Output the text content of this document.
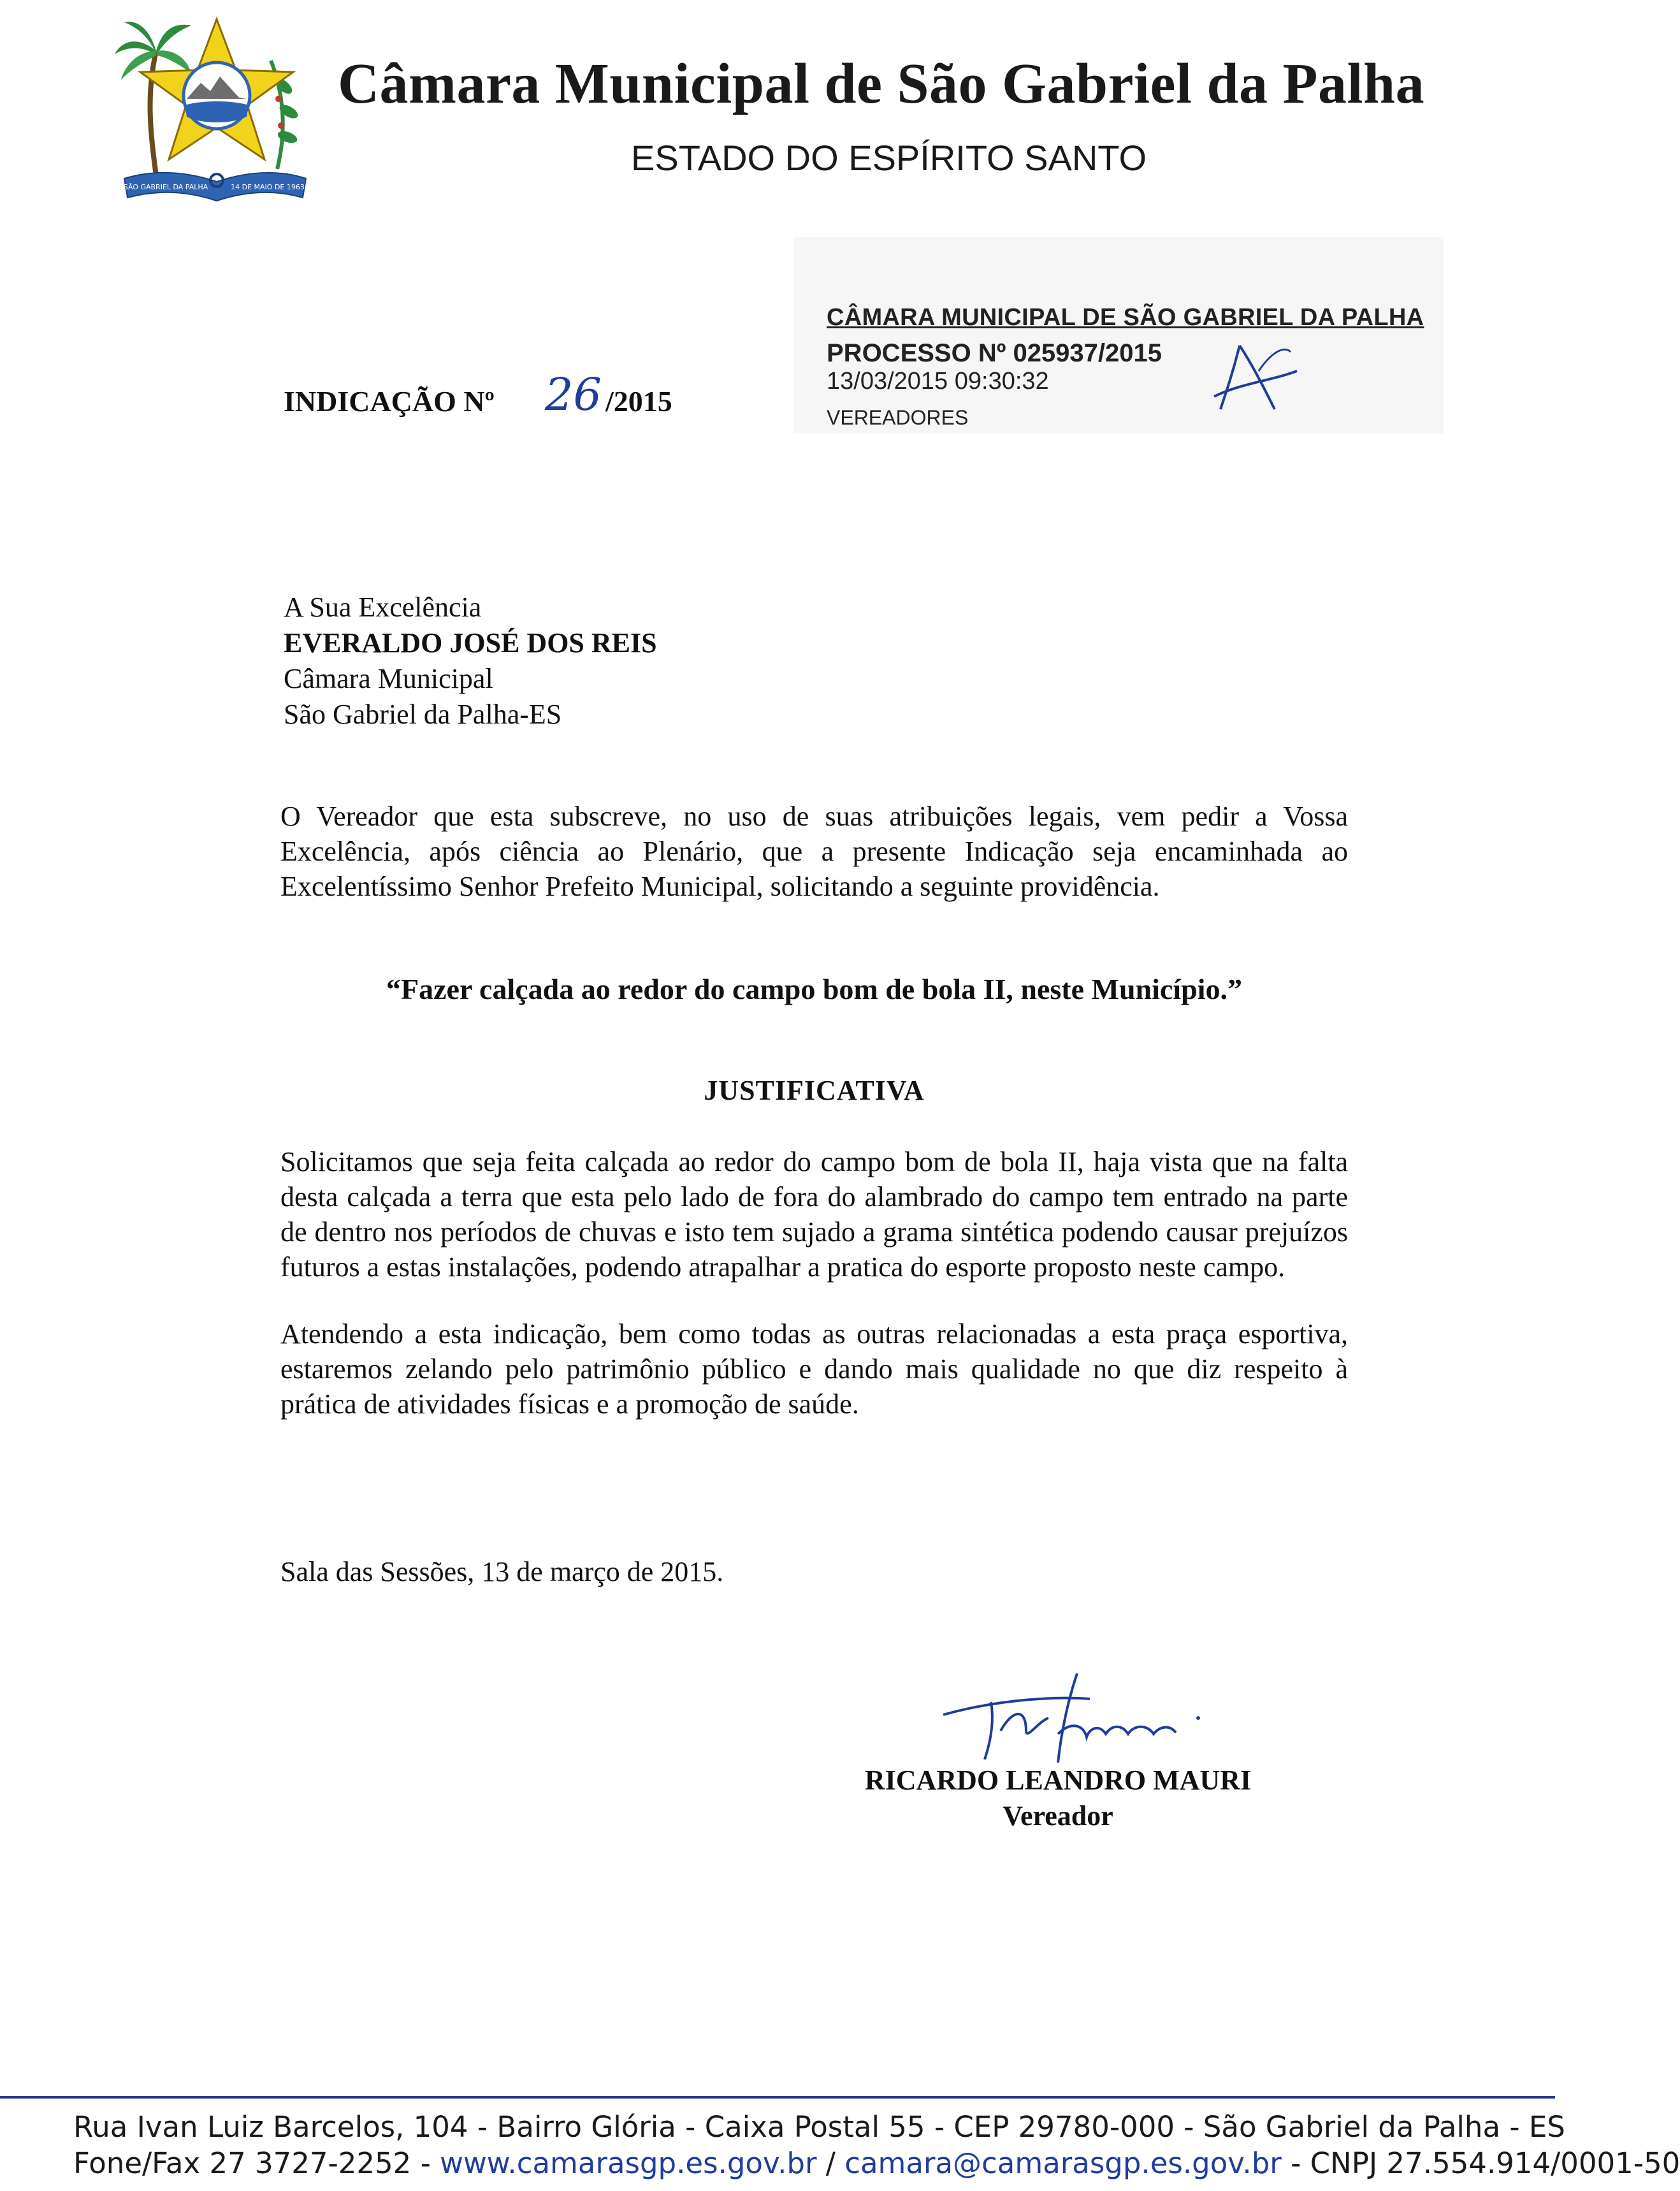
SÃO GABRIEL DA PALHA	14 DE MAIO DE 1963
Câmara Municipal de São Gabriel da Palha
ESTADO DO ESPÍRITO SANTO
CÂMARA MUNICIPAL DE SÃO GABRIEL DA PALHA
PROCESSO Nº 025937/2015
13/03/2015 09:30:32
VEREADORES
INDICAÇÃO Nº 26 /2015
A Sua Excelência
EVERALDO JOSÉ DOS REIS
Câmara Municipal
São Gabriel da Palha-ES
O Vereador que esta subscreve, no uso de suas atribuições legais, vem pedir a Vossa Excelência, após ciência ao Plenário, que a presente Indicação seja encaminhada ao Excelentíssimo Senhor Prefeito Municipal, solicitando a seguinte providência.
“Fazer calçada ao redor do campo bom de bola II, neste Município.”
JUSTIFICATIVA
Solicitamos que seja feita calçada ao redor do campo bom de bola II, haja vista que na falta desta calçada a terra que esta pelo lado de fora do alambrado do campo tem entrado na parte de dentro nos períodos de chuvas e isto tem sujado a grama sintética podendo causar prejuízos futuros a estas instalações, podendo atrapalhar a pratica do esporte proposto neste campo.
Atendendo a esta indicação, bem como todas as outras relacionadas a esta praça esportiva, estaremos zelando pelo patrimônio público e dando mais qualidade no que diz respeito à prática de atividades físicas e a promoção de saúde.
Sala das Sessões, 13 de março de 2015.
RICARDO LEANDRO MAURI
Vereador
Rua Ivan Luiz Barcelos, 104 - Bairro Glória - Caixa Postal 55 - CEP 29780-000 - São Gabriel da Palha - ES
Fone/Fax 27 3727-2252 - www.camarasgp.es.gov.br / camara@camarasgp.es.gov.br - CNPJ 27.554.914/0001-50
